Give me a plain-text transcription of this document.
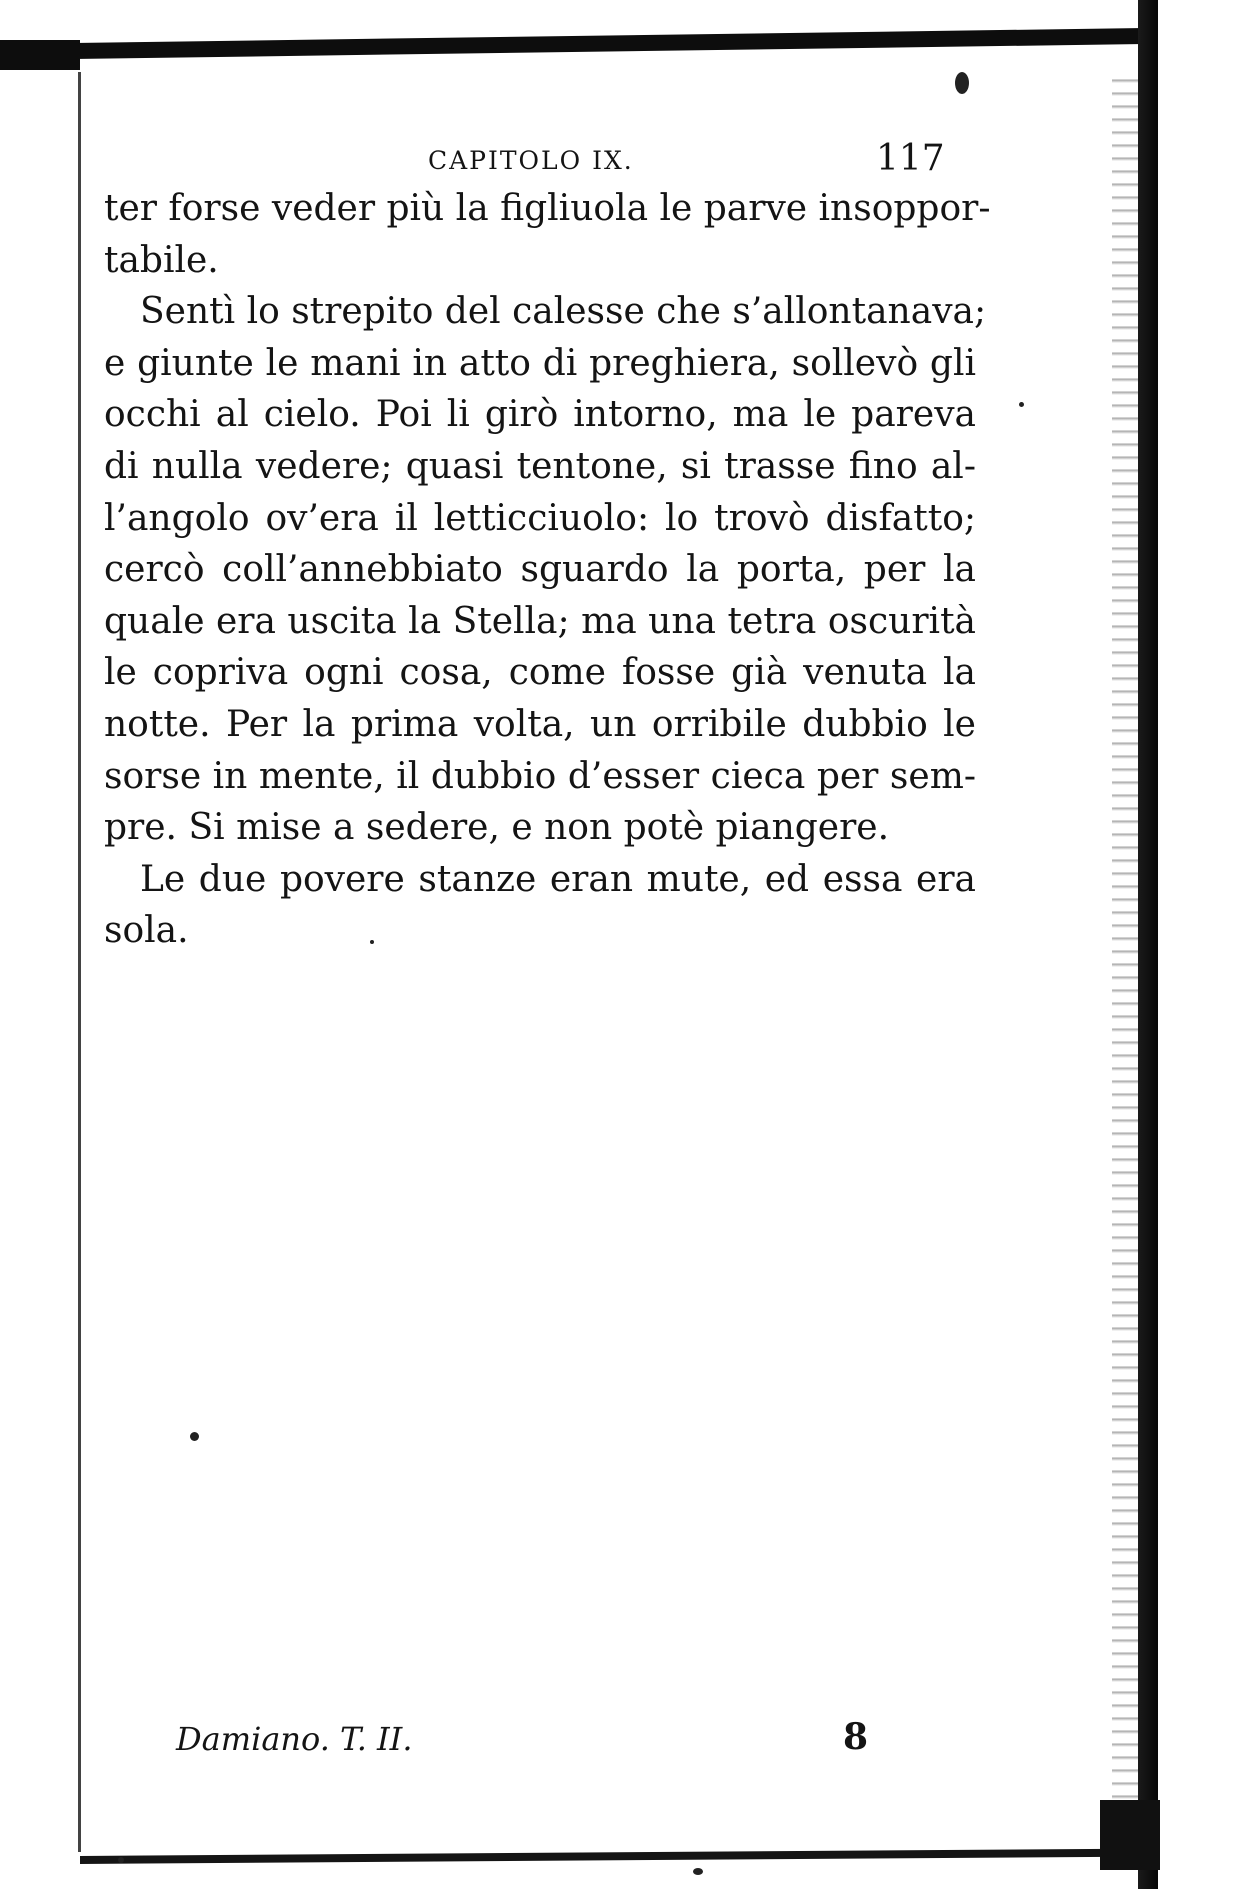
CAPITOLO IX.	117
ter forse veder più la figliuola le parve insoppor-
tabile.
Sentì lo strepito del calesse che s’allontanava;
e giunte le mani in atto di preghiera, sollevò gli
occhi al cielo. Poi li girò intorno, ma le pareva
di nulla vedere; quasi tentone, si trasse fino al-
l’angolo ov’era il letticciuolo: lo trovò disfatto;
cercò coll’annebbiato sguardo la porta, per la
quale era uscita la Stella; ma una tetra oscurità
le copriva ogni cosa, come fosse già venuta la
notte. Per la prima volta, un orribile dubbio le
sorse in mente, il dubbio d’esser cieca per sem-
pre. Si mise a sedere, e non potè piangere.
Le due povere stanze eran mute, ed essa era
sola.
Damiano. T. II.	8
